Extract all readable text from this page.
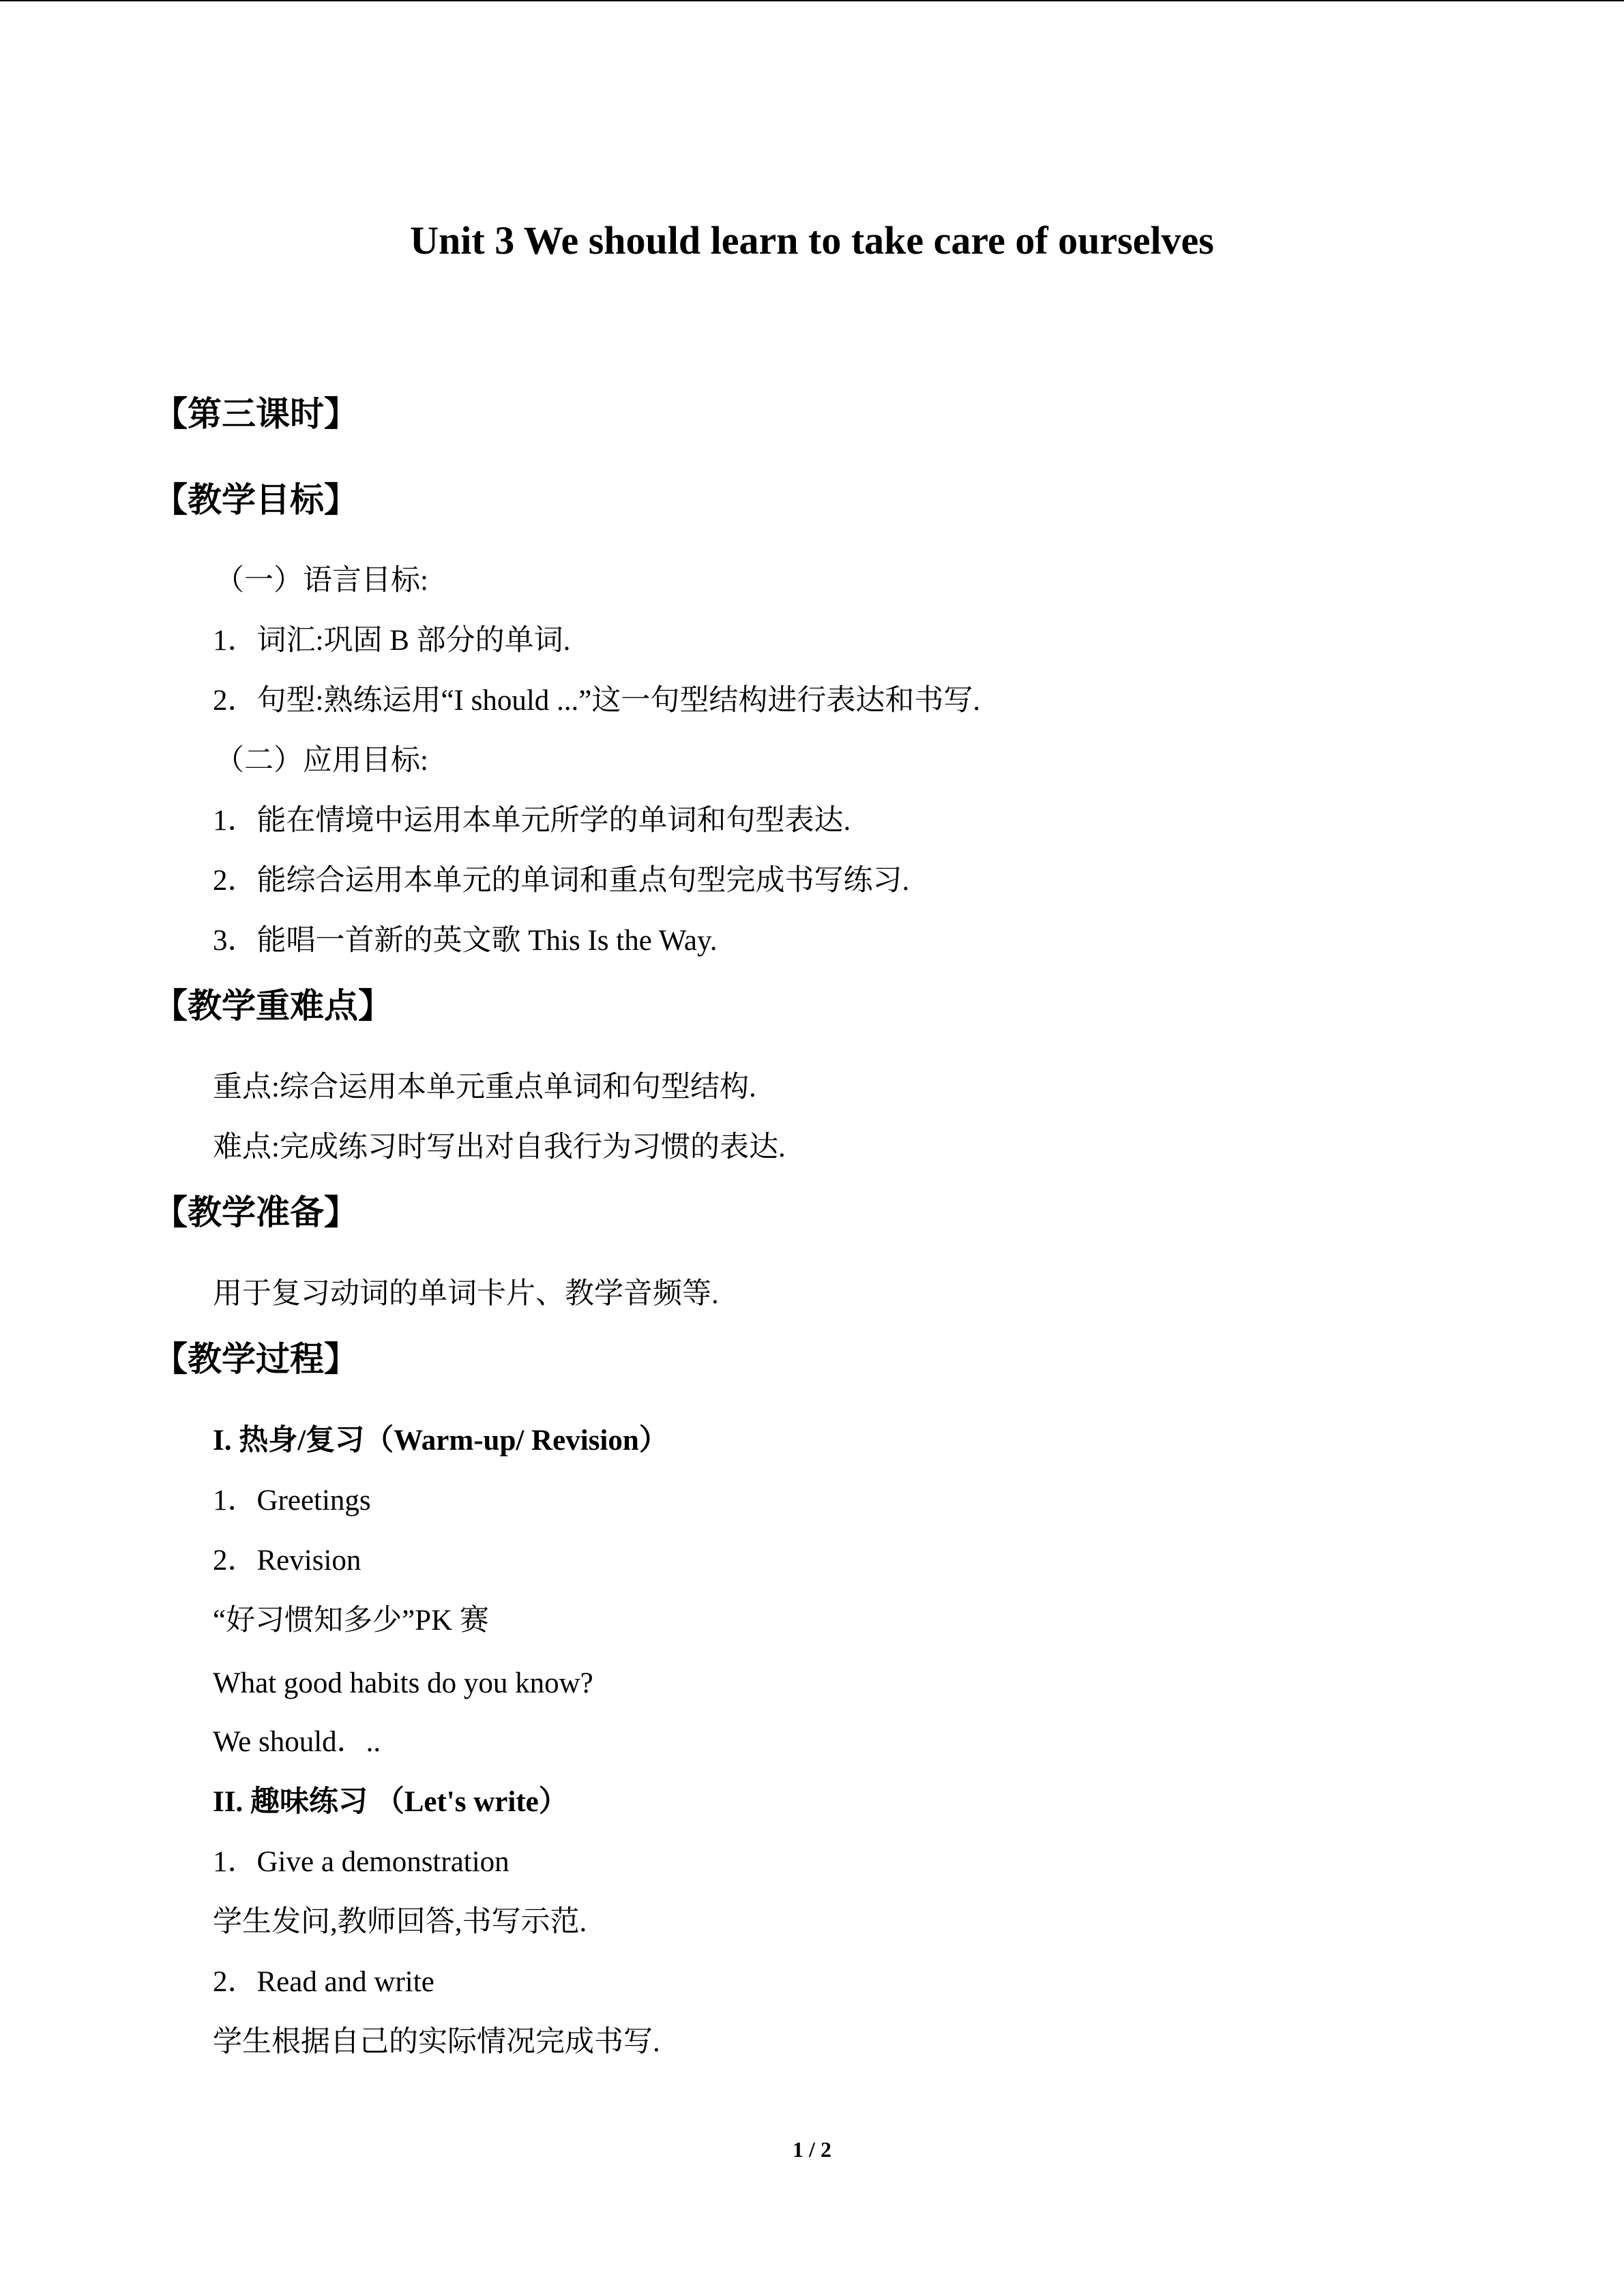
Unit 3 We should learn to take care of ourselves
【第三课时】
【教学目标】
（一）语言目标:
1．词汇:巩固 B 部分的单词.
2．句型:熟练运用“I should ...”这一句型结构进行表达和书写.
（二）应用目标:
1．能在情境中运用本单元所学的单词和句型表达.
2．能综合运用本单元的单词和重点句型完成书写练习.
3．能唱一首新的英文歌 This Is the Way.
【教学重难点】
重点:综合运用本单元重点单词和句型结构.
难点:完成练习时写出对自我行为习惯的表达.
【教学准备】
用于复习动词的单词卡片、教学音频等.
【教学过程】
I. 热身/复习（Warm-up/ Revision）
1．Greetings
2．Revision
“好习惯知多少”PK 赛
What good habits do you know?
We should．..
II. 趣味练习 （Let's write）
1．Give a demonstration
学生发问,教师回答,书写示范.
2．Read and write
学生根据自己的实际情况完成书写.
1 / 2
